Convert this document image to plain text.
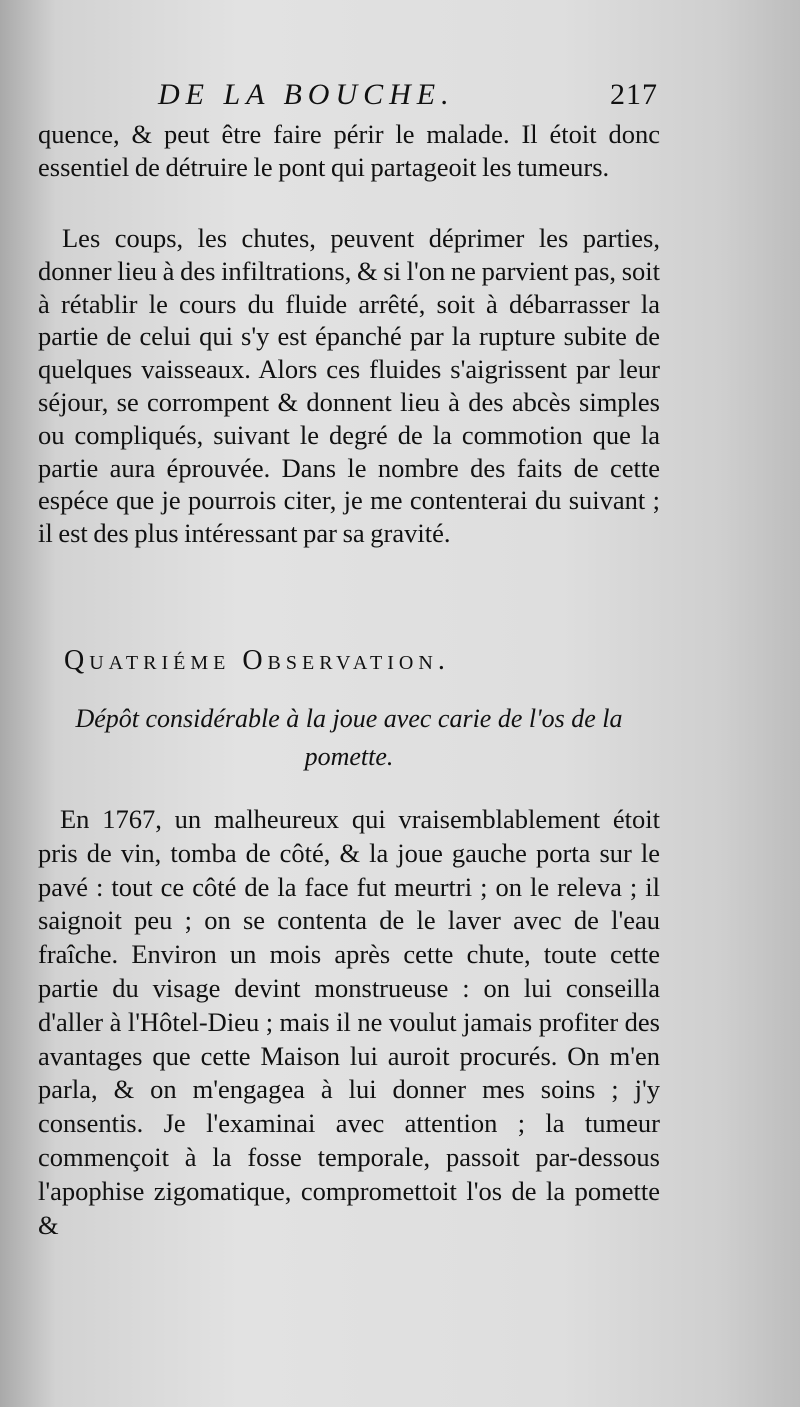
DE LA BOUCHE.	217
quence, & peut être faire périr le malade. Il étoit donc essentiel de détruire le pont qui partageoit les tumeurs.
Les coups, les chutes, peuvent déprimer les parties, donner lieu à des infiltrations, & si l'on ne parvient pas, soit à rétablir le cours du fluide arrêté, soit à débarrasser la partie de celui qui s'y est épanché par la rupture subite de quelques vaisseaux. Alors ces fluides s'aigrissent par leur séjour, se corrompent & donnent lieu à des abcès simples ou compliqués, suivant le degré de la commotion que la partie aura éprouvée. Dans le nombre des faits de cette espéce que je pourrois citer, je me contenterai du suivant ; il est des plus intéressant par sa gravité.
Quatriéme Observation.
Dépôt considérable à la joue avec carie de l'os de la pomette.
En 1767, un malheureux qui vraisemblablement étoit pris de vin, tomba de côté, & la joue gauche porta sur le pavé : tout ce côté de la face fut meurtri ; on le releva ; il saignoit peu ; on se contenta de le laver avec de l'eau fraîche. Environ un mois après cette chute, toute cette partie du visage devint monstrueuse : on lui conseilla d'aller à l'Hôtel-Dieu ; mais il ne voulut jamais profiter des avantages que cette Maison lui auroit procurés. On m'en parla, & on m'engagea à lui donner mes soins ; j'y consentis. Je l'examinai avec attention ; la tumeur commençoit à la fosse temporale, passoit par-dessous l'apophise zigomatique, compromettoit l'os de la pomette &
